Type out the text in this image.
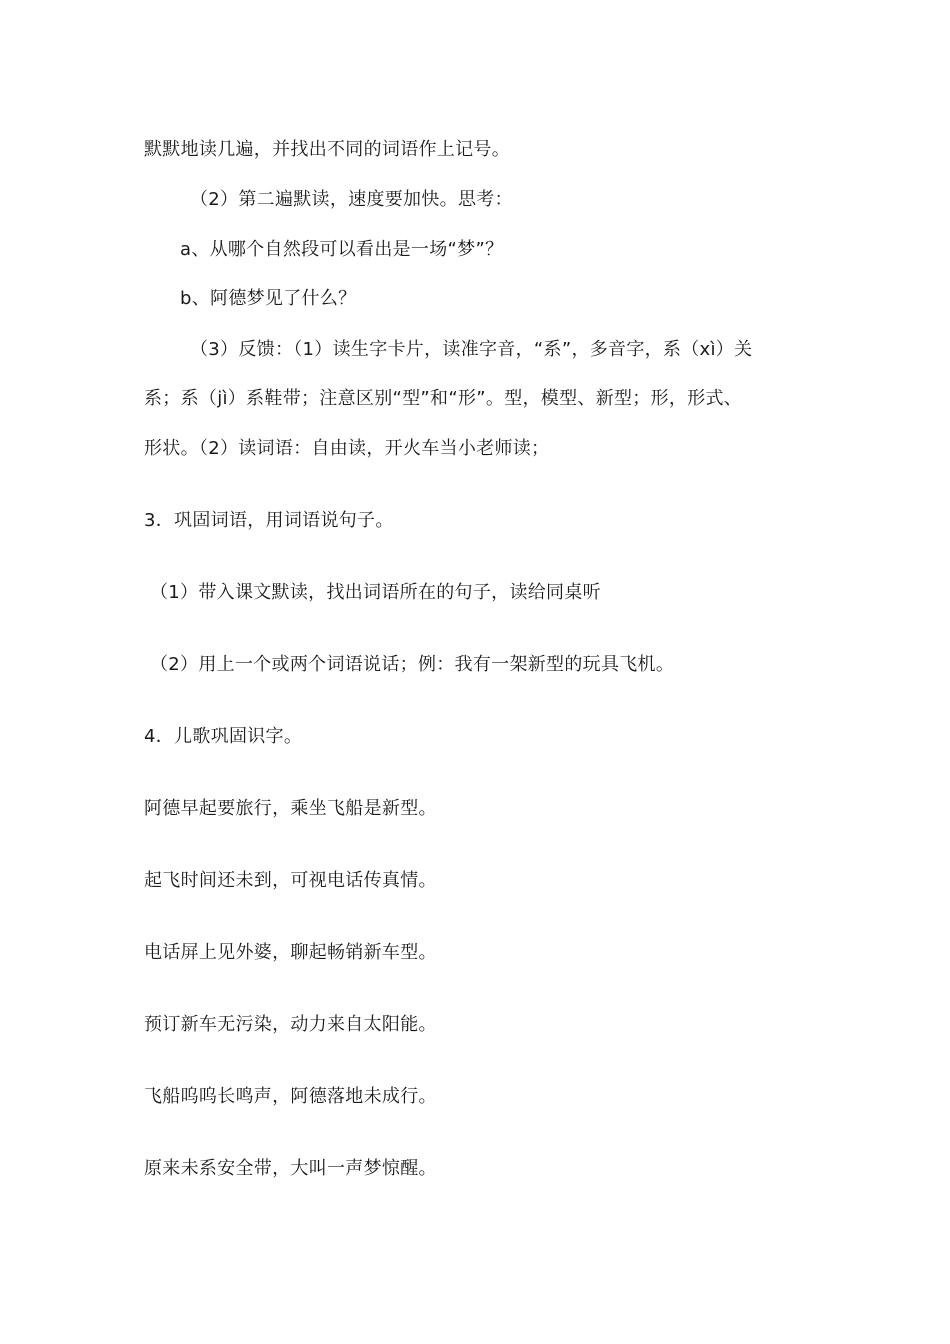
默默地读几遍，并找出不同的词语作上记号。
（2）第二遍默读，速度要加快。思考：
a、从哪个自然段可以看出是一场“梦”？
b、阿德梦见了什么？
（3）反馈：（1）读生字卡片，读准字音，“系”，多音字，系（xì）关
系；系（jì）系鞋带；注意区别“型”和“形”。型，模型、新型；形，形式、
形状。（2）读词语：自由读，开火车当小老师读；
3．巩固词语，用词语说句子。
（1）带入课文默读，找出词语所在的句子，读给同桌听
（2）用上一个或两个词语说话；例：我有一架新型的玩具飞机。
4．儿歌巩固识字。
阿德早起要旅行，乘坐飞船是新型。
起飞时间还未到，可视电话传真情。
电话屏上见外婆，聊起畅销新车型。
预订新车无污染，动力来自太阳能。
飞船呜呜长鸣声，阿德落地未成行。
原来未系安全带，大叫一声梦惊醒。
